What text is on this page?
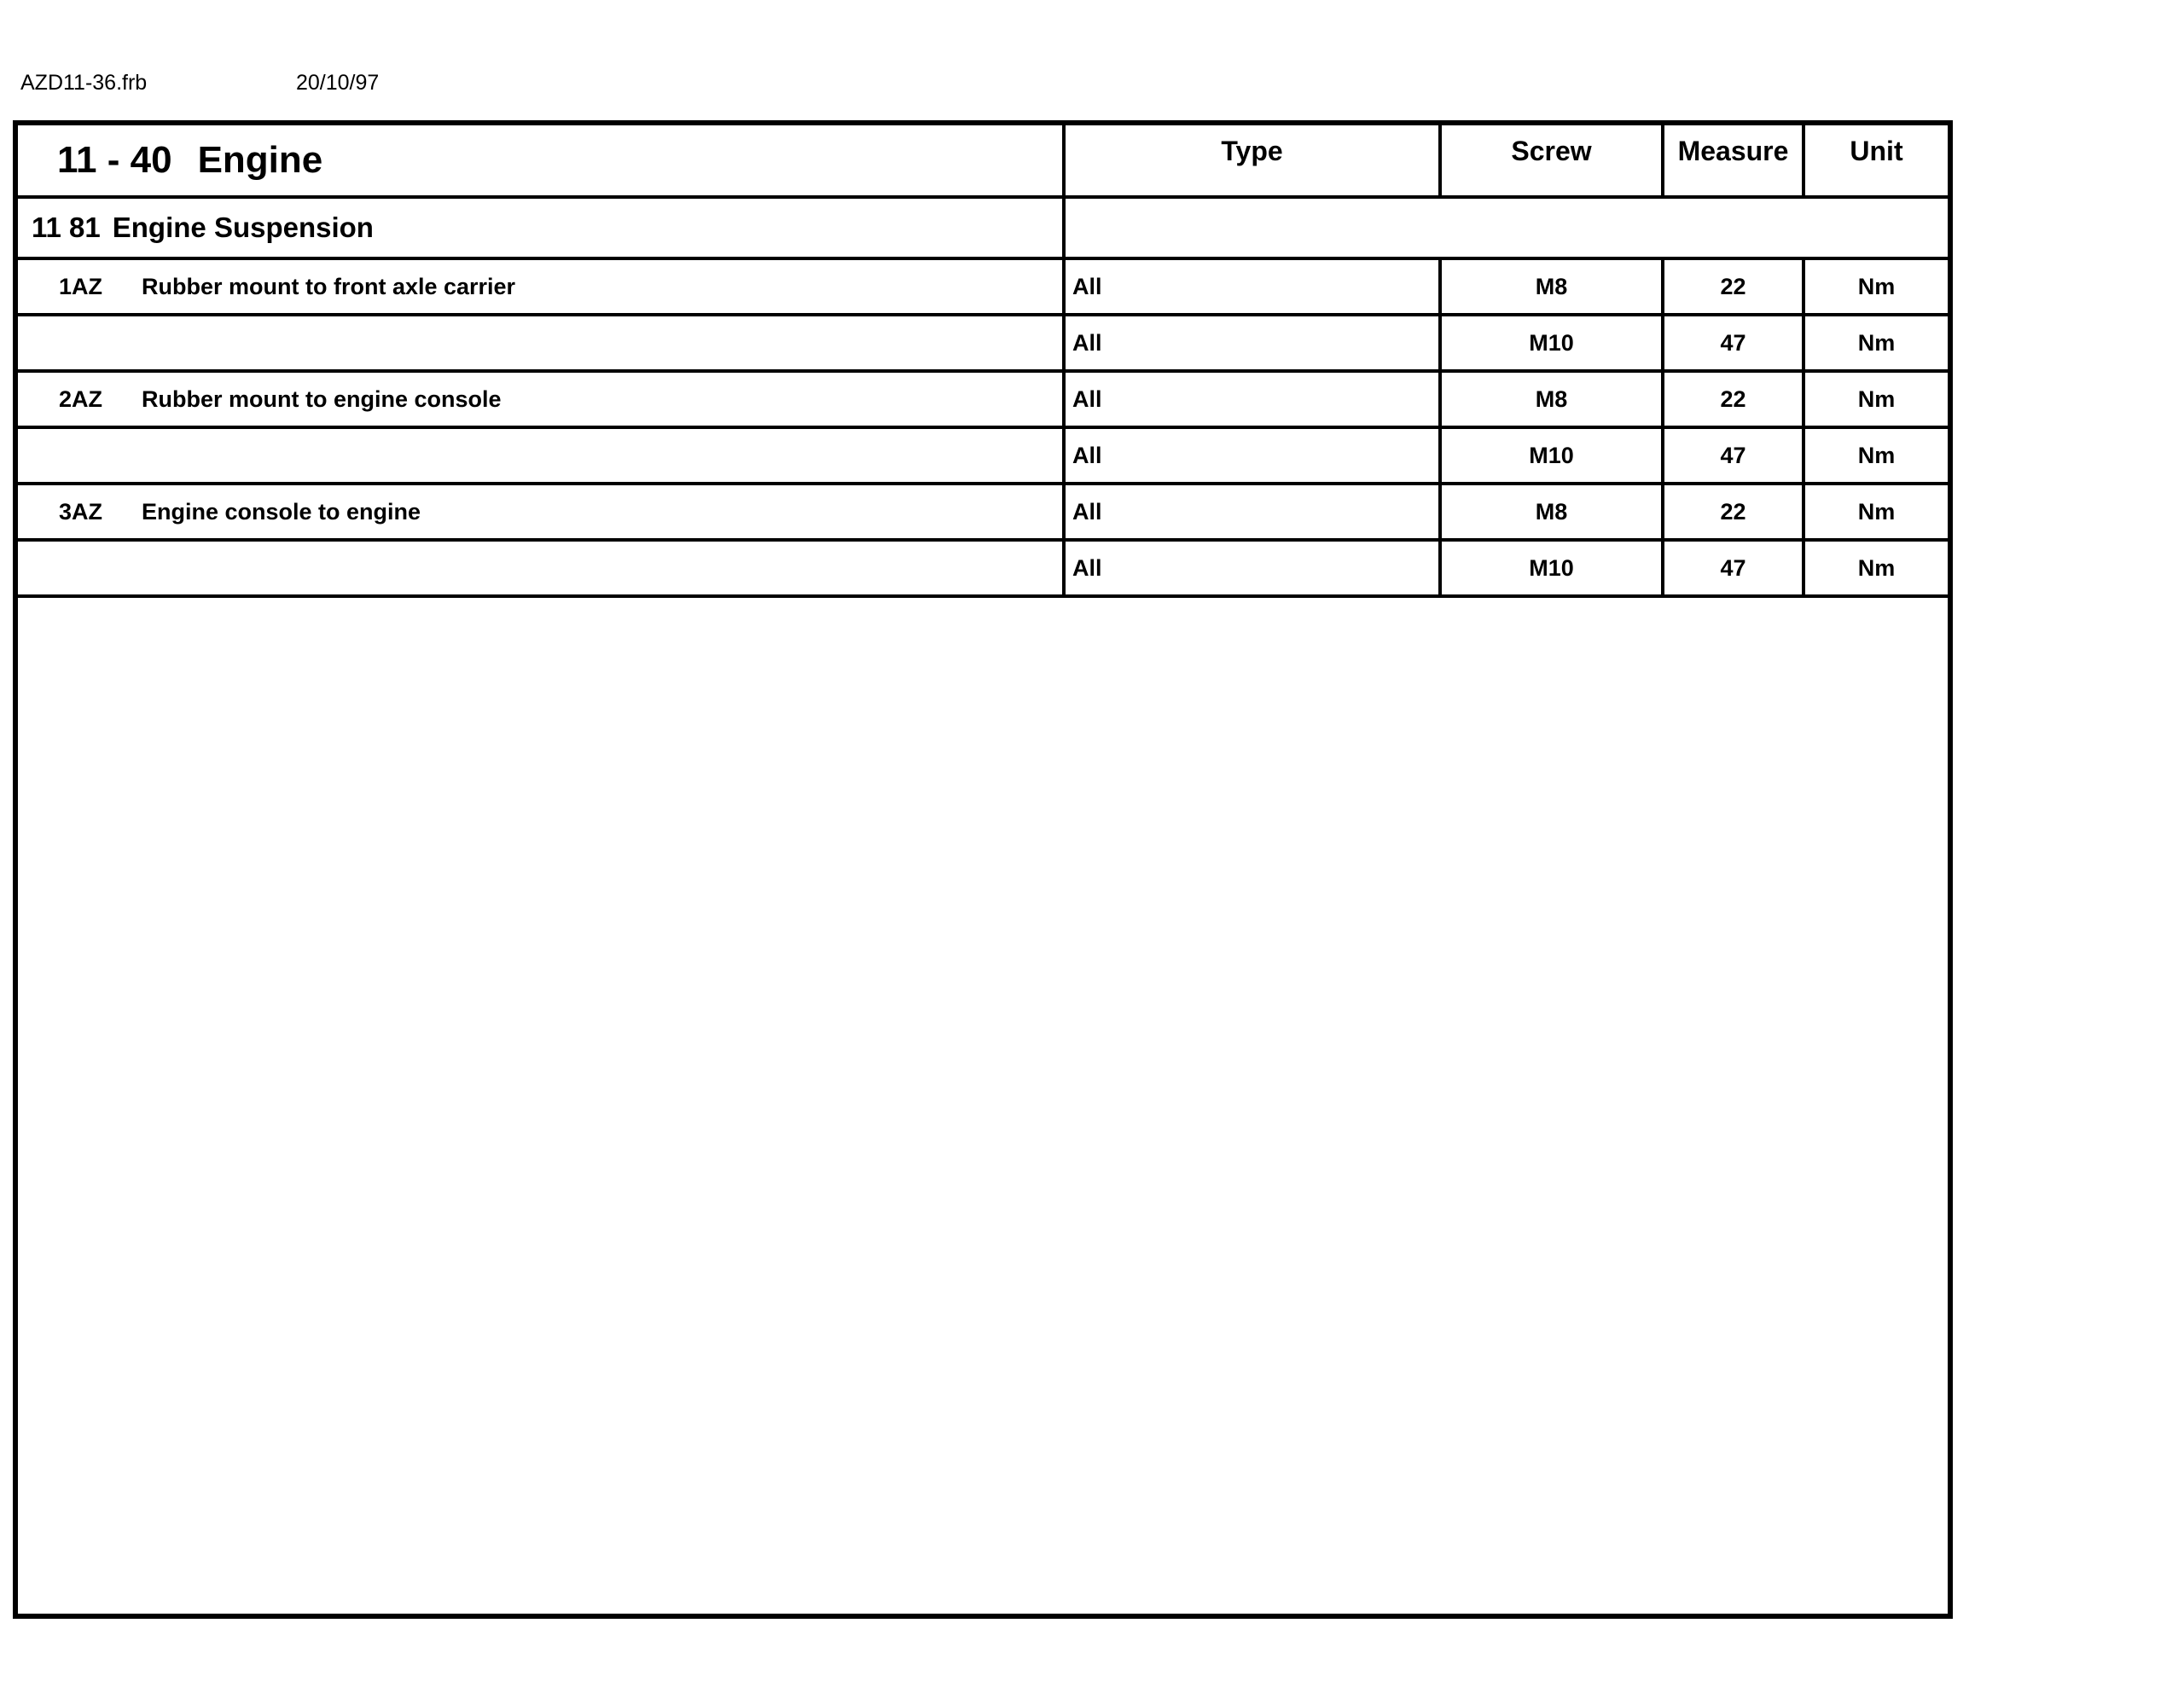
AZD11-36.frb	20/10/97
11 - 40 Engine	Type	Screw	Measure	Unit
11 81 Engine Suspension				
1AZ Rubber mount to front axle carrier	All	M8	22	Nm
	All	M10	47	Nm
2AZ Rubber mount to engine console	All	M8	22	Nm
	All	M10	47	Nm
3AZ Engine console to engine	All	M8	22	Nm
	All	M10	47	Nm
